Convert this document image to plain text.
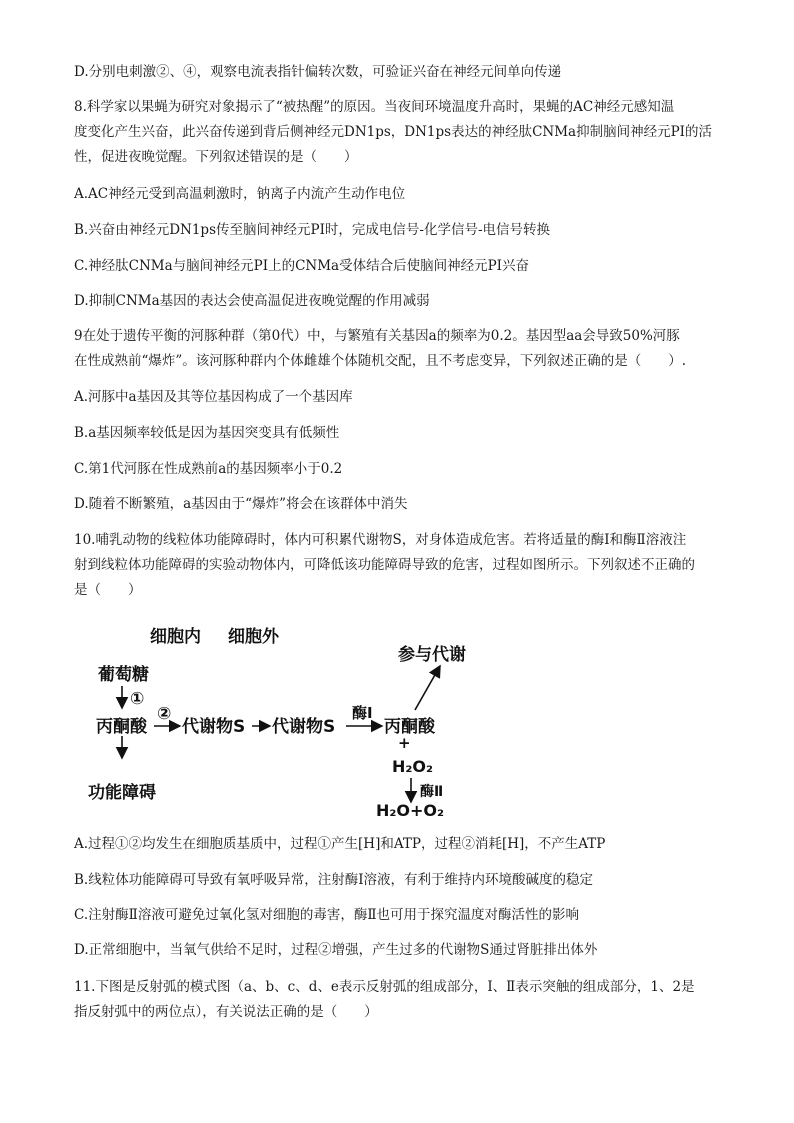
D.分别电刺激②、④，观察电流表指针偏转次数，可验证兴奋在神经元间单向传递
8.科学家以果蝇为研究对象揭示了“被热醒”的原因。当夜间环境温度升高时，果蝇的AC神经元感知温
度变化产生兴奋，此兴奋传递到背后侧神经元DN1ps，DN1ps表达的神经肽CNMa抑制脑间神经元PI的活
性，促进夜晚觉醒。下列叙述错误的是（　　）
A.AC神经元受到高温刺激时，钠离子内流产生动作电位
B.兴奋由神经元DN1ps传至脑间神经元PI时，完成电信号-化学信号-电信号转换
C.神经肽CNMa与脑间神经元PI上的CNMa受体结合后使脑间神经元PI兴奋
D.抑制CNMa基因的表达会使高温促进夜晚觉醒的作用减弱
9在处于遗传平衡的河豚种群（第0代）中，与繁殖有关基因a的频率为0.2。基因型aa会导致50%河豚
在性成熟前“爆炸”。该河豚种群内个体雌雄个体随机交配，且不考虑变异，下列叙述正确的是（　　）.
A.河豚中a基因及其等位基因构成了一个基因库
B.a基因频率较低是因为基因突变具有低频性
C.第1代河豚在性成熟前a的基因频率小于0.2
D.随着不断繁殖，a基因由于“爆炸”将会在该群体中消失
10.哺乳动物的线粒体功能障碍时，体内可积累代谢物S，对身体造成危害。若将适量的酶Ⅰ和酶Ⅱ溶液注
射到线粒体功能障碍的实验动物体内，可降低该功能障碍导致的危害，过程如图所示。下列叙述不正确的
是（　　）
细胞内 细胞外
葡萄糖
①
丙酮酸
②
代谢物S 代谢物S
酶Ⅰ
丙酮酸
参与代谢
+
H₂O₂
酶Ⅱ
H₂O+O₂
功能障碍
A.过程①②均发生在细胞质基质中，过程①产生[H]和ATP，过程②消耗[H]，不产生ATP
B.线粒体功能障碍可导致有氧呼吸异常，注射酶Ⅰ溶液，有利于维持内环境酸碱度的稳定
C.注射酶Ⅱ溶液可避免过氧化氢对细胞的毒害，酶Ⅱ也可用于探究温度对酶活性的影响
D.正常细胞中，当氧气供给不足时，过程②增强，产生过多的代谢物S通过肾脏排出体外
11.下图是反射弧的模式图（a、b、c、d、e表示反射弧的组成部分，Ⅰ、Ⅱ表示突触的组成部分，1、2是
指反射弧中的两位点），有关说法正确的是（　　）
